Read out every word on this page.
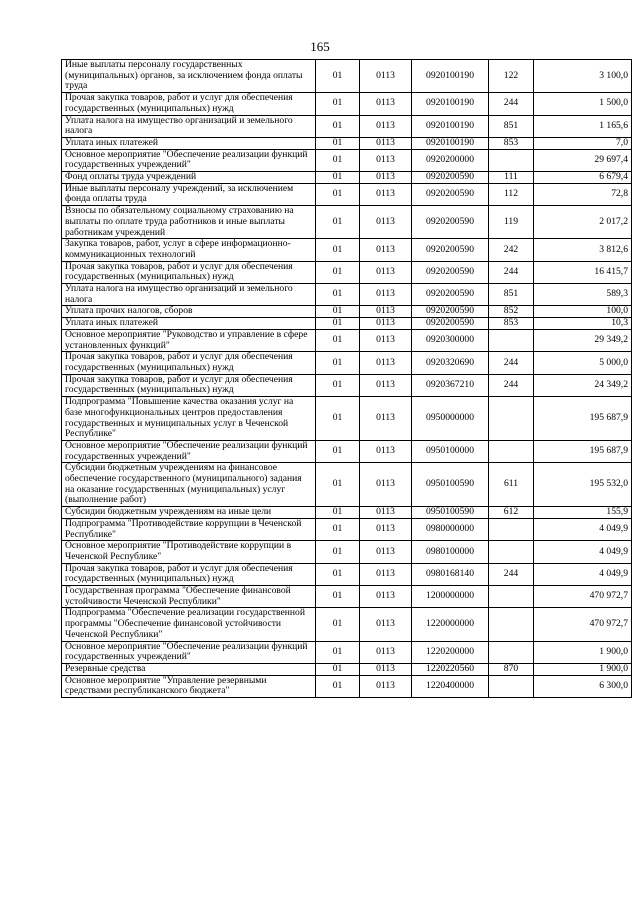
165
Иные выплаты персоналу государственных (муниципальных) органов, за исключением фонда оплаты труда	01	0113	0920100190	122	3 100,0
Прочая закупка товаров, работ и услуг для обеспечения государственных (муниципальных) нужд	01	0113	0920100190	244	1 500,0
Уплата налога на имущество организаций и земельного налога	01	0113	0920100190	851	1 165,6
Уплата иных платежей	01	0113	0920100190	853	7,0
Основное мероприятие "Обеспечение реализации функций государственных учреждений"	01	0113	0920200000		29 697,4
Фонд оплаты труда учреждений	01	0113	0920200590	111	6 679,4
Иные выплаты персоналу учреждений, за исключением фонда оплаты труда	01	0113	0920200590	112	72,8
Взносы по обязательному социальному страхованию на выплаты по оплате труда работников и иные выплаты работникам учреждений	01	0113	0920200590	119	2 017,2
Закупка товаров, работ, услуг в сфере информационно-коммуникационных технологий	01	0113	0920200590	242	3 812,6
Прочая закупка товаров, работ и услуг для обеспечения государственных (муниципальных) нужд	01	0113	0920200590	244	16 415,7
Уплата налога на имущество организаций и земельного налога	01	0113	0920200590	851	589,3
Уплата прочих налогов, сборов	01	0113	0920200590	852	100,0
Уплата иных платежей	01	0113	0920200590	853	10,3
Основное мероприятие "Руководство и управление в сфере установленных функций"	01	0113	0920300000		29 349,2
Прочая закупка товаров, работ и услуг для обеспечения государственных (муниципальных) нужд	01	0113	0920320690	244	5 000,0
Прочая закупка товаров, работ и услуг для обеспечения государственных (муниципальных) нужд	01	0113	0920367210	244	24 349,2
Подпрограмма "Повышение качества оказания услуг на базе многофункциональных центров предоставления государственных и муниципальных услуг в Чеченской Республике"	01	0113	0950000000		195 687,9
Основное мероприятие "Обеспечение реализации функций государственных учреждений"	01	0113	0950100000		195 687,9
Субсидии бюджетным учреждениям на финансовое обеспечение государственного (муниципального) задания на оказание государственных (муниципальных) услуг (выполнение работ)	01	0113	0950100590	611	195 532,0
Субсидии бюджетным учреждениям на иные цели	01	0113	0950100590	612	155,9
Подпрограмма "Противодействие коррупции в Чеченской Республике"	01	0113	0980000000		4 049,9
Основное мероприятие "Противодействие коррупции в Чеченской Республике"	01	0113	0980100000		4 049,9
Прочая закупка товаров, работ и услуг для обеспечения государственных (муниципальных) нужд	01	0113	0980168140	244	4 049,9
Государственная программа "Обеспечение финансовой устойчивости Чеченской Республики"	01	0113	1200000000		470 972,7
Подпрограмма "Обеспечение реализации государственной программы "Обеспечение финансовой устойчивости Чеченской Республики"	01	0113	1220000000		470 972,7
Основное мероприятие "Обеспечение реализации функций государственных учреждений"	01	0113	1220200000		1 900,0
Резервные средства	01	0113	1220220560	870	1 900,0
Основное мероприятие "Управление резервными средствами республиканского бюджета"	01	0113	1220400000		6 300,0
